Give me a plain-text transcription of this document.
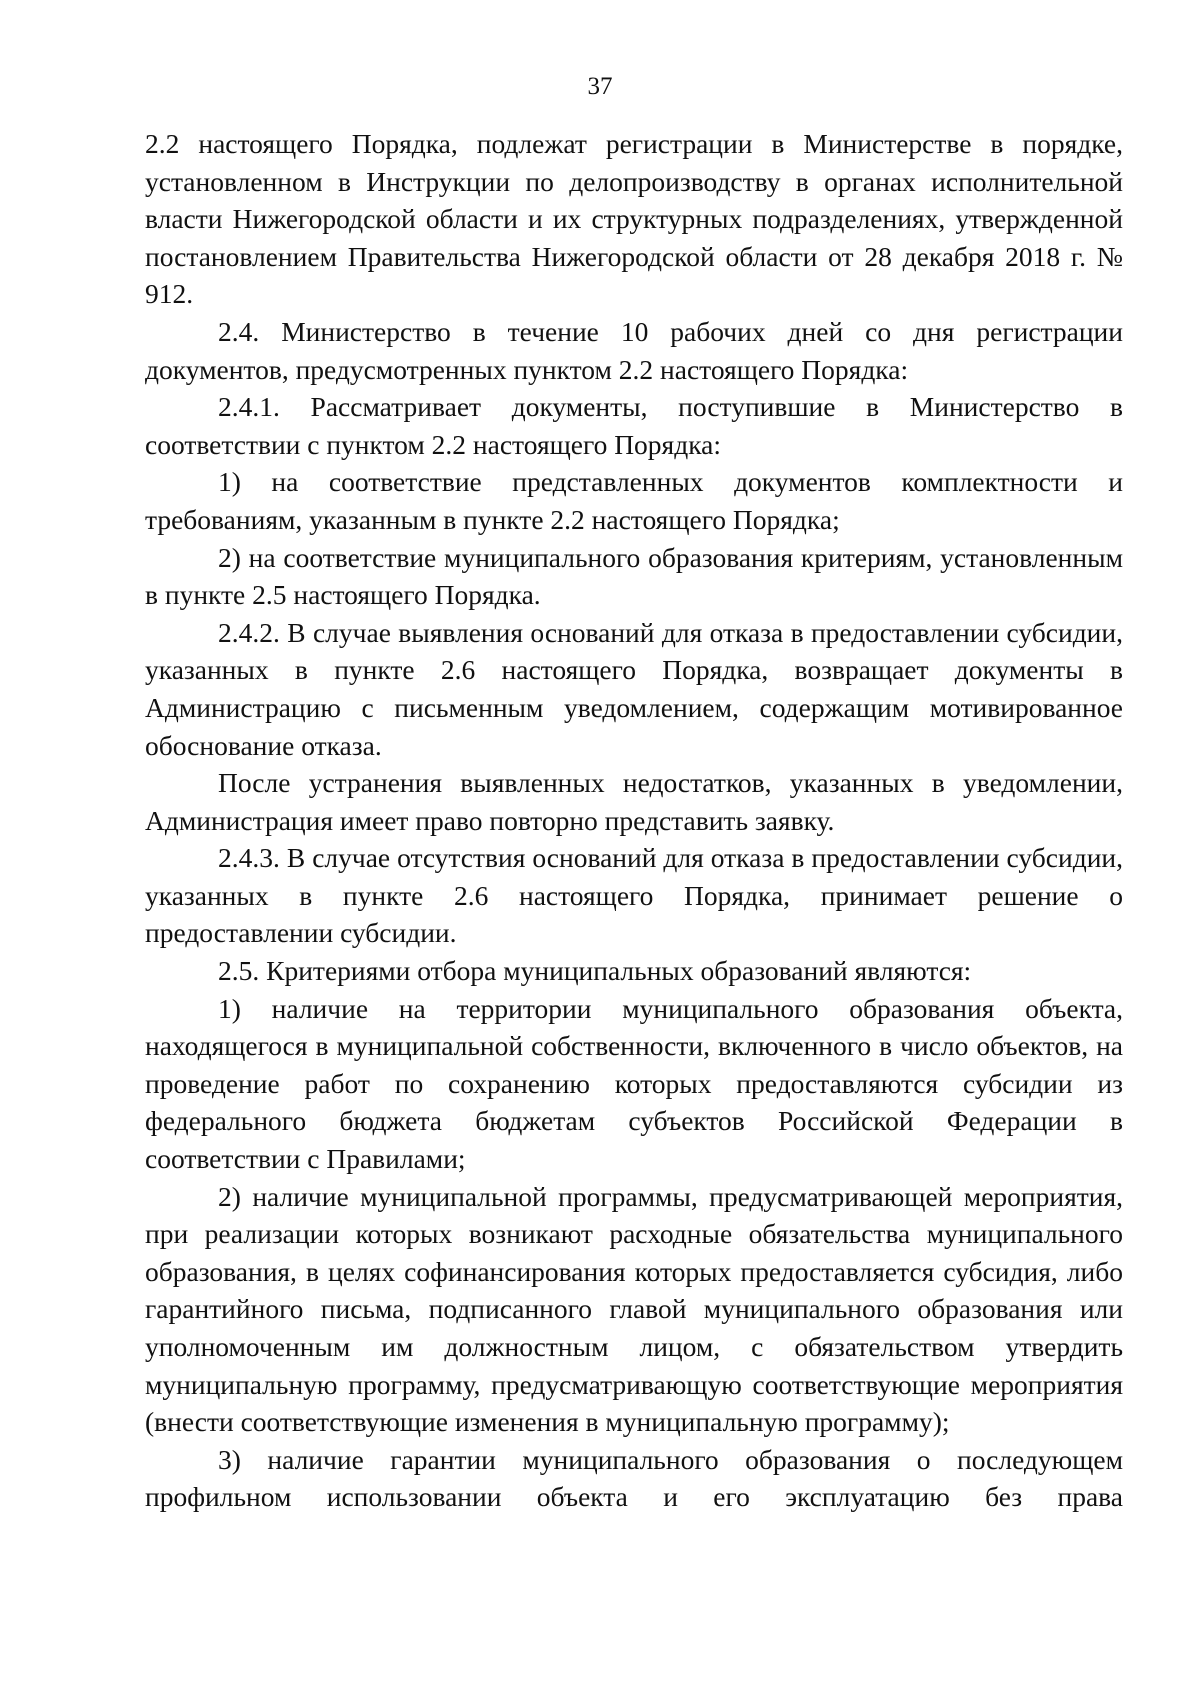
37

2.2 настоящего Порядка, подлежат регистрации в Министерстве в порядке, установленном в Инструкции по делопроизводству в органах исполнительной власти Нижегородской области и их структурных подразделениях, утвержденной постановлением Правительства Нижегородской области от 28 декабря 2018 г. № 912.

2.4. Министерство в течение 10 рабочих дней со дня регистрации документов, предусмотренных пунктом 2.2 настоящего Порядка:

2.4.1. Рассматривает документы, поступившие в Министерство в соответствии с пунктом 2.2 настоящего Порядка:

1) на соответствие представленных документов комплектности и требованиям, указанным в пункте 2.2 настоящего Порядка;

2) на соответствие муниципального образования критериям, установленным в пункте 2.5 настоящего Порядка.

2.4.2. В случае выявления оснований для отказа в предоставлении субсидии, указанных в пункте 2.6 настоящего Порядка, возвращает документы в Администрацию с письменным уведомлением, содержащим мотивированное обоснование отказа.

После устранения выявленных недостатков, указанных в уведомлении, Администрация имеет право повторно представить заявку.

2.4.3. В случае отсутствия оснований для отказа в предоставлении субсидии, указанных в пункте 2.6 настоящего Порядка, принимает решение о предоставлении субсидии.

2.5. Критериями отбора муниципальных образований являются:

1) наличие на территории муниципального образования объекта, находящегося в муниципальной собственности, включенного в число объектов, на проведение работ по сохранению которых предоставляются субсидии из федерального бюджета бюджетам субъектов Российской Федерации в соответствии с Правилами;

2) наличие муниципальной программы, предусматривающей мероприятия, при реализации которых возникают расходные обязательства муниципального образования, в целях софинансирования которых предоставляется субсидия, либо гарантийного письма, подписанного главой муниципального образования или уполномоченным им должностным лицом, с обязательством утвердить муниципальную программу, предусматривающую соответствующие мероприятия (внести соответствующие изменения в муниципальную программу);

3) наличие гарантии муниципального образования о последующем профильном использовании объекта и его эксплуатацию без права
